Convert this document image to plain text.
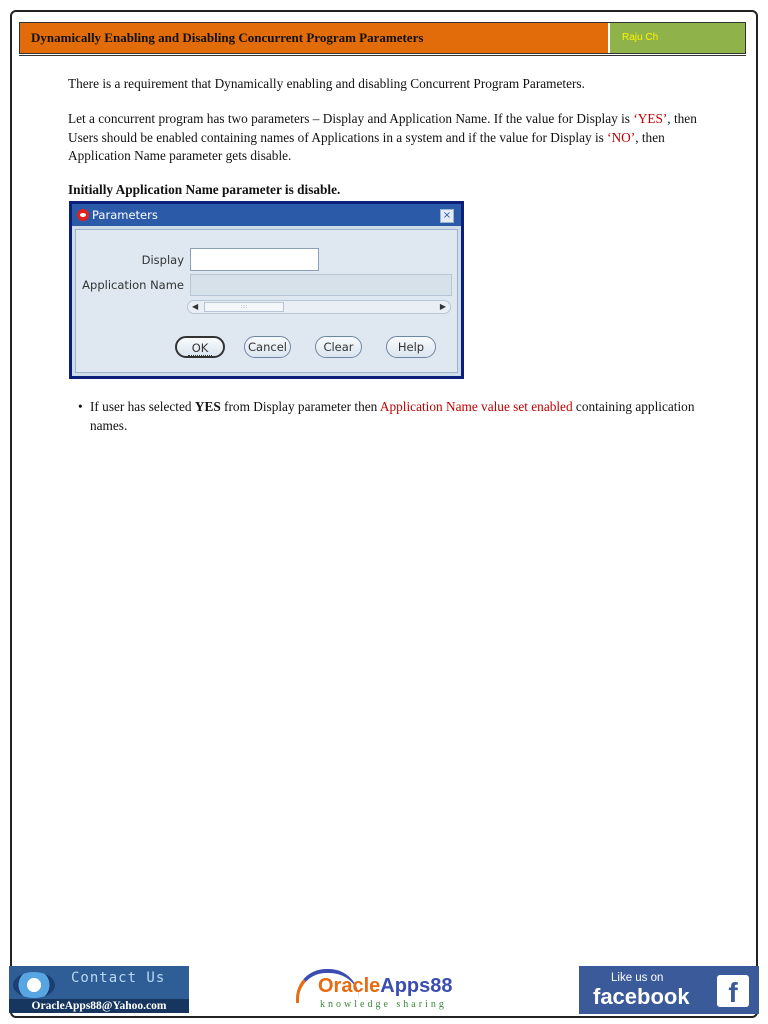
Dynamically Enabling and Disabling Concurrent Program Parameters	Raju Ch

There is a requirement that Dynamically enabling and disabling Concurrent Program Parameters.

Let a concurrent program has two parameters – Display and Application Name. If the value for Display is ‘YES’, then Users should be enabled containing names of Applications in a system and if the value for Display is ‘NO’, then Application Name parameter gets disable.

Initially Application Name parameter is disable.

Parameters	×
Display
Application Name
◀	::::	▶
OK	Cancel	Clear	Help
• If user has selected YES from Display parameter then Application Name value set enabled containing application names.
Contact Us
OracleApps88@Yahoo.com
OracleApps88
knowledge sharing
Like us on
facebook	f
